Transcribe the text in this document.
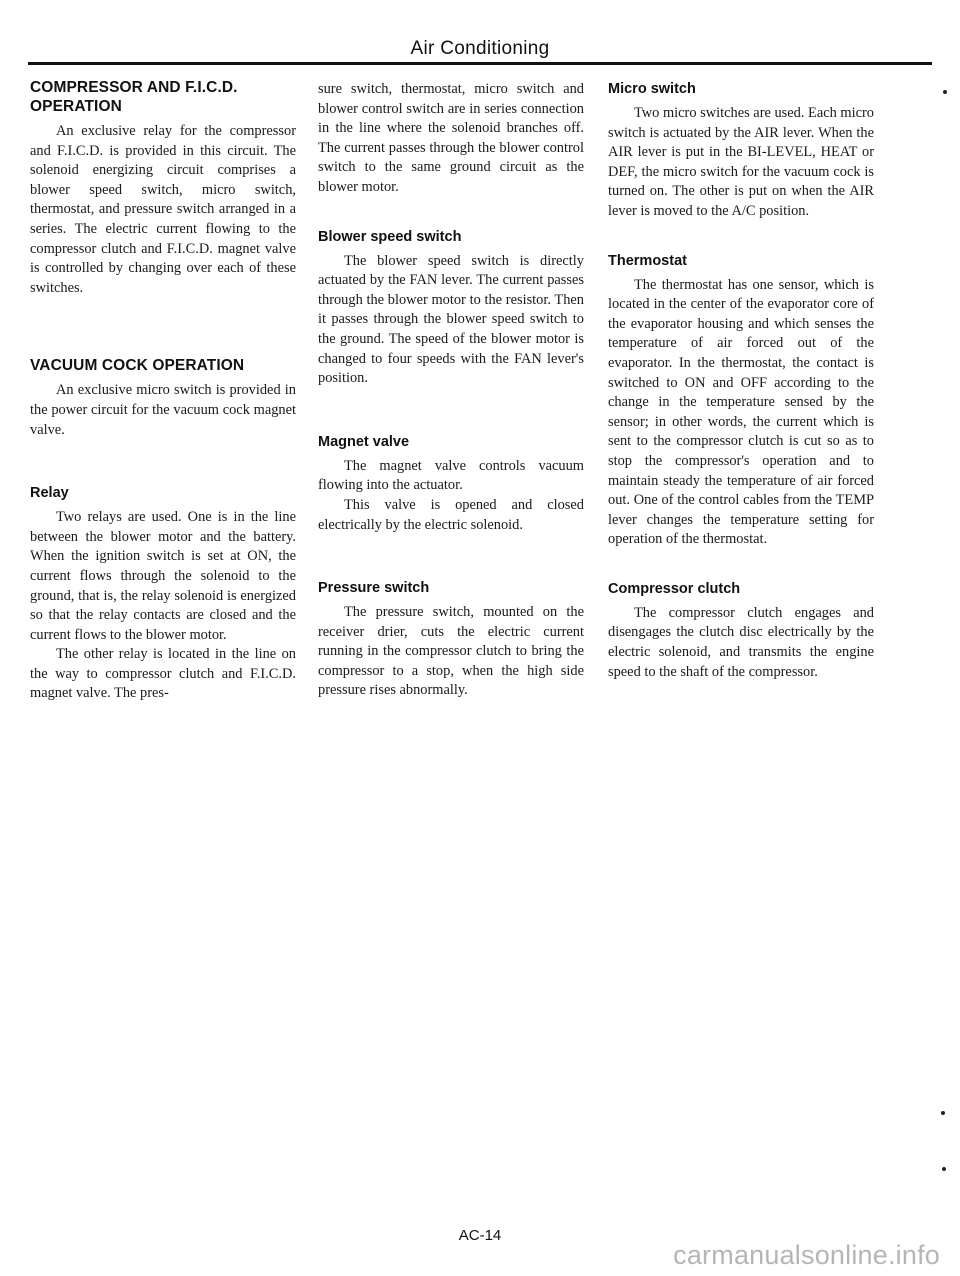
Air Conditioning
COMPRESSOR AND F.I.C.D. OPERATION

An exclusive relay for the compressor and F.I.C.D. is provided in this circuit. The solenoid energizing circuit comprises a blower speed switch, micro switch, thermostat, and pressure switch arranged in a series. The electric current flowing to the compressor clutch and F.I.C.D. magnet valve is controlled by changing over each of these switches.

VACUUM COCK OPERATION

An exclusive micro switch is provided in the power circuit for the vacuum cock magnet valve.

Relay

Two relays are used. One is in the line between the blower motor and the battery. When the ignition switch is set at ON, the current flows through the solenoid to the ground, that is, the relay solenoid is energized so that the relay contacts are closed and the current flows to the blower motor.

The other relay is located in the line on the way to compressor clutch and F.I.C.D. magnet valve. The pres-

sure switch, thermostat, micro switch and blower control switch are in series connection in the line where the solenoid branches off. The current passes through the blower control switch to the same ground circuit as the blower motor.

Blower speed switch

The blower speed switch is directly actuated by the FAN lever. The current passes through the blower motor to the resistor. Then it passes through the blower speed switch to the ground. The speed of the blower motor is changed to four speeds with the FAN lever's position.

Magnet valve

The magnet valve controls vacuum flowing into the actuator.

This valve is opened and closed electrically by the electric solenoid.

Pressure switch

The pressure switch, mounted on the receiver drier, cuts the electric current running in the compressor clutch to bring the compressor to a stop, when the high side pressure rises abnormally.

Micro switch

Two micro switches are used. Each micro switch is actuated by the AIR lever. When the AIR lever is put in the BI-LEVEL, HEAT or DEF, the micro switch for the vacuum cock is turned on. The other is put on when the AIR lever is moved to the A/C position.

Thermostat

The thermostat has one sensor, which is located in the center of the evaporator core of the evaporator housing and which senses the temperature of air forced out of the evaporator. In the thermostat, the contact is switched to ON and OFF according to the change in the temperature sensed by the sensor; in other words, the current which is sent to the compressor clutch is cut so as to stop the compressor's operation and to maintain steady the temperature of air forced out. One of the control cables from the TEMP lever changes the temperature setting for operation of the thermostat.

Compressor clutch

The compressor clutch engages and disengages the clutch disc electrically by the electric solenoid, and transmits the engine speed to the shaft of the compressor.

AC-14
carmanualsonline.info
